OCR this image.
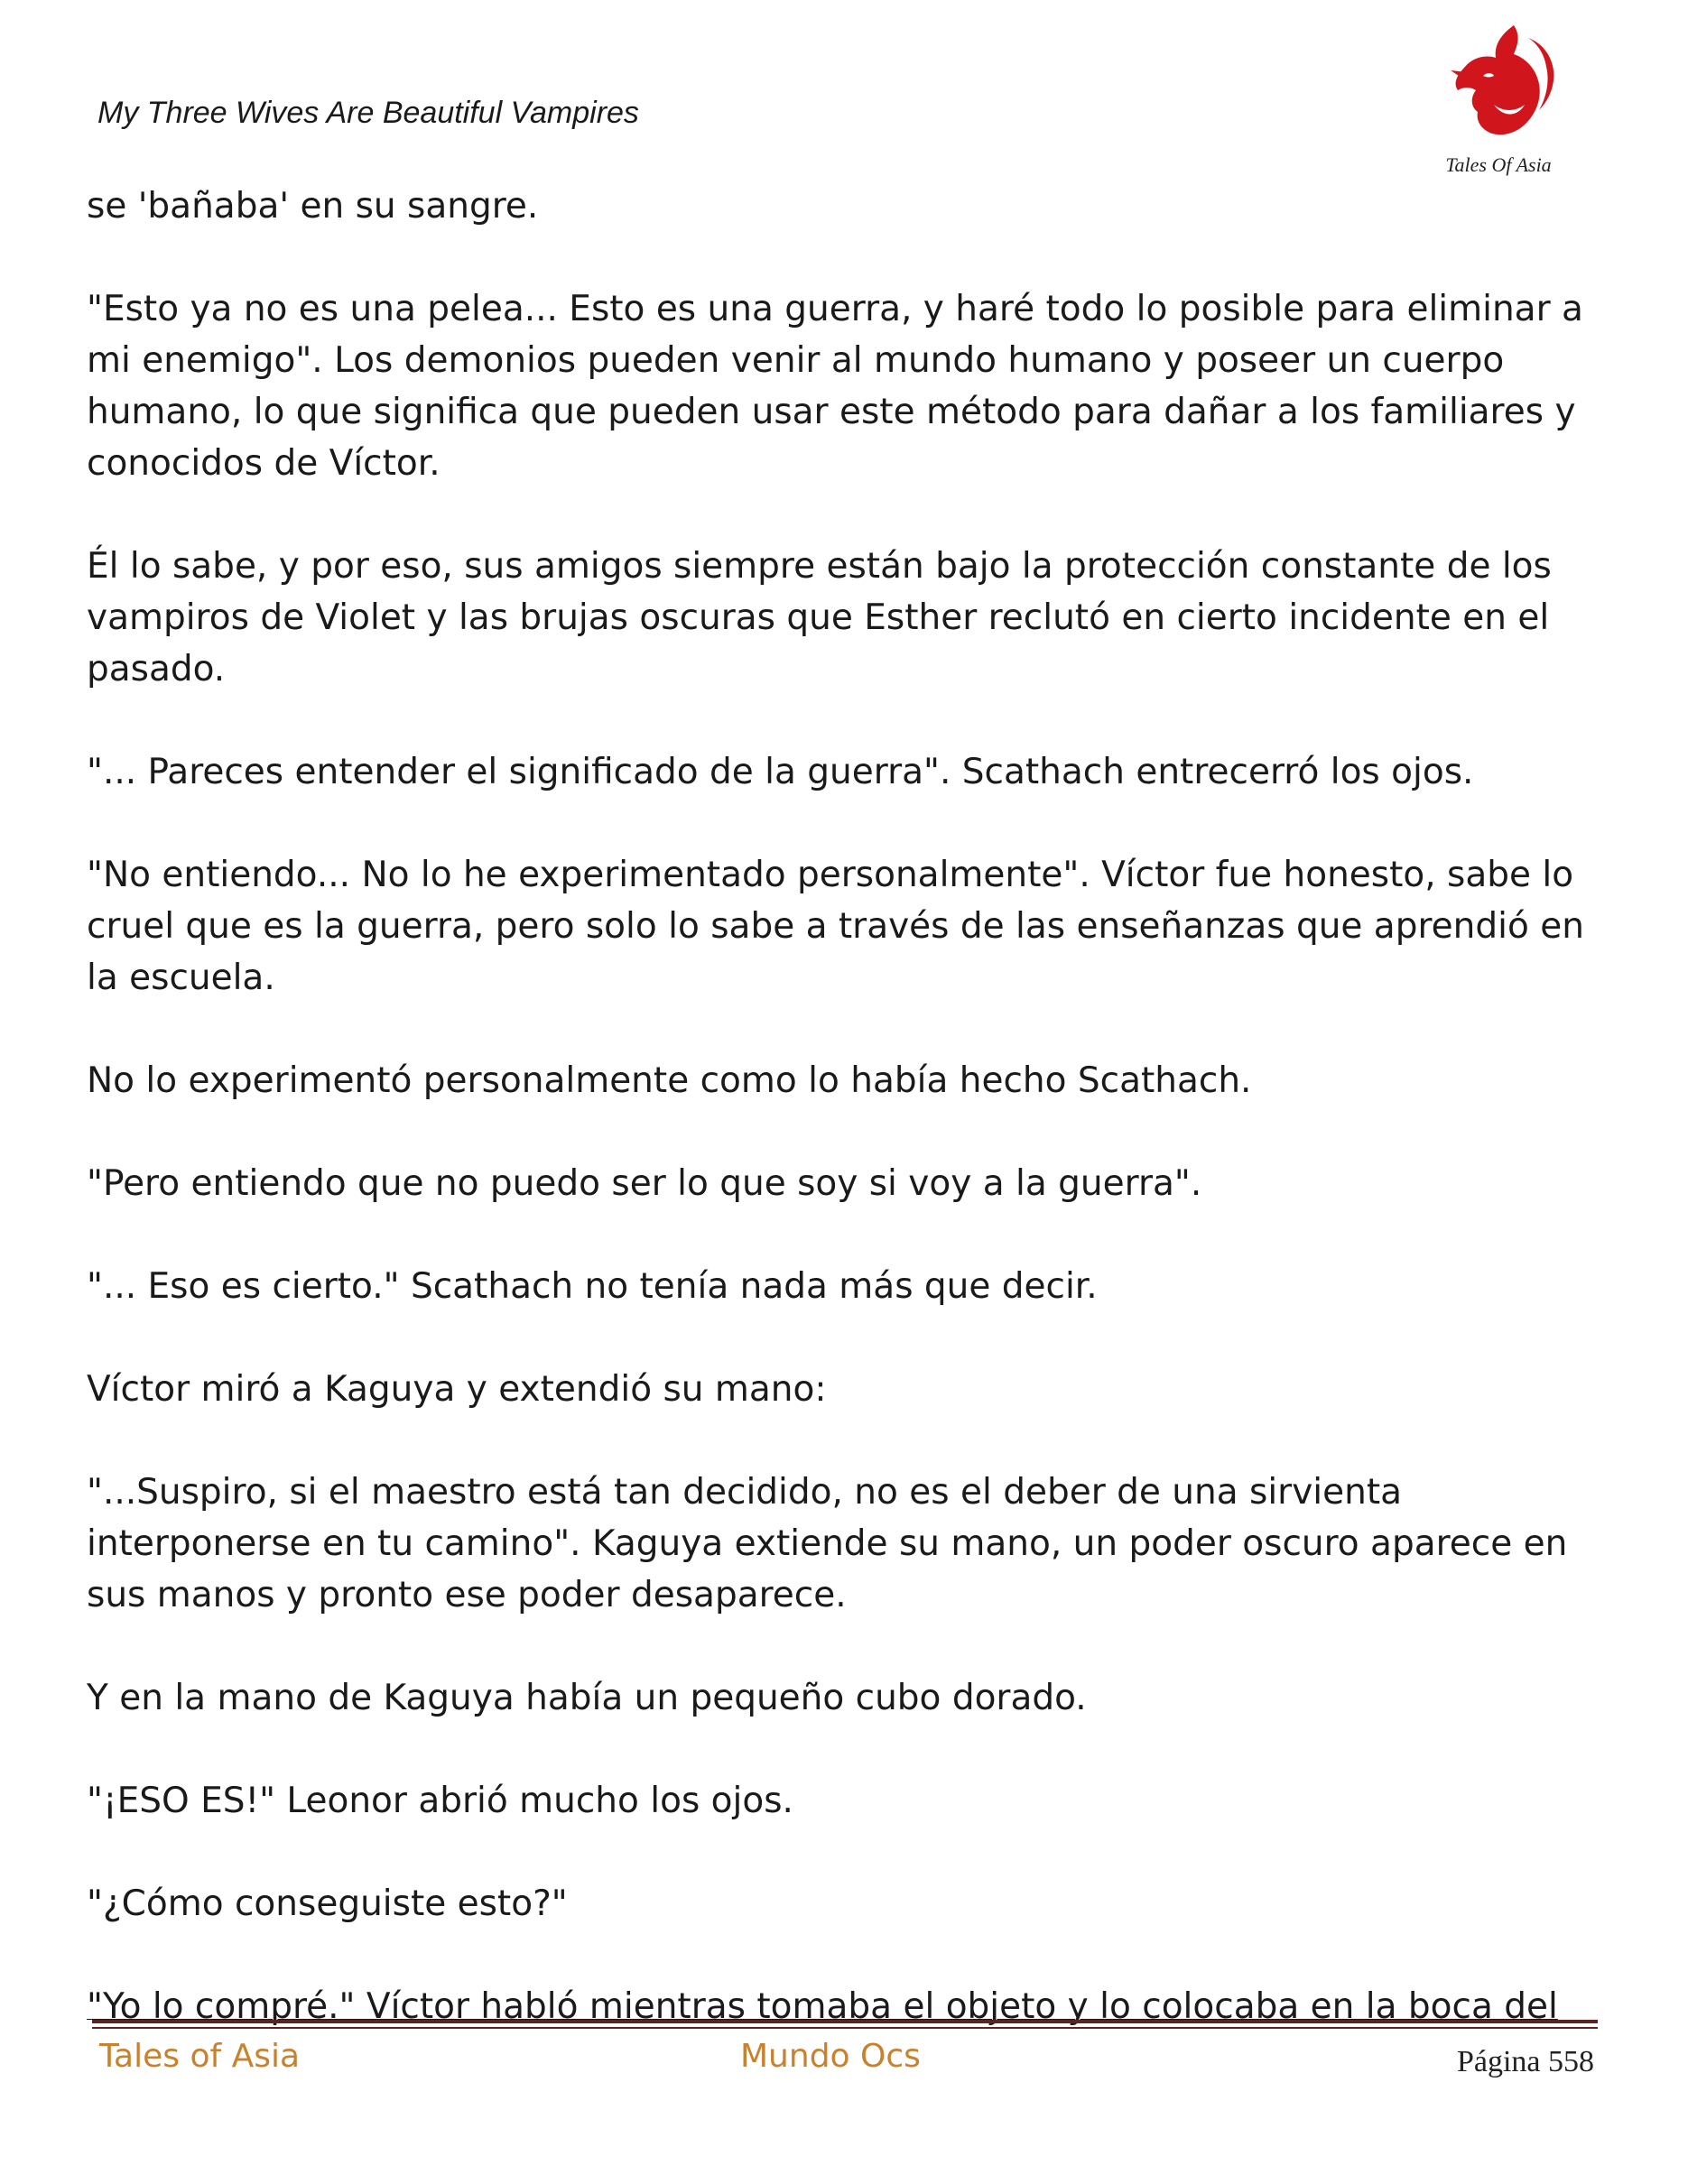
My Three Wives Are Beautiful Vampires
Tales Of Asia

se 'bañaba' en su sangre.

"Esto ya no es una pelea... Esto es una guerra, y haré todo lo posible para eliminar a mi enemigo". Los demonios pueden venir al mundo humano y poseer un cuerpo humano, lo que significa que pueden usar este método para dañar a los familiares y conocidos de Víctor.

Él lo sabe, y por eso, sus amigos siempre están bajo la protección constante de los vampiros de Violet y las brujas oscuras que Esther reclutó en cierto incidente en el pasado.

"... Pareces entender el significado de la guerra". Scathach entrecerró los ojos.

"No entiendo... No lo he experimentado personalmente". Víctor fue honesto, sabe lo cruel que es la guerra, pero solo lo sabe a través de las enseñanzas que aprendió en la escuela.

No lo experimentó personalmente como lo había hecho Scathach.

"Pero entiendo que no puedo ser lo que soy si voy a la guerra".

"... Eso es cierto." Scathach no tenía nada más que decir.

Víctor miró a Kaguya y extendió su mano:

"...Suspiro, si el maestro está tan decidido, no es el deber de una sirvienta interponerse en tu camino". Kaguya extiende su mano, un poder oscuro aparece en sus manos y pronto ese poder desaparece.

Y en la mano de Kaguya había un pequeño cubo dorado.

"¡ESO ES!" Leonor abrió mucho los ojos.

"¿Cómo conseguiste esto?"

"Yo lo compré." Víctor habló mientras tomaba el objeto y lo colocaba en la boca del

Tales of Asia	Mundo Ocs	Página 558
